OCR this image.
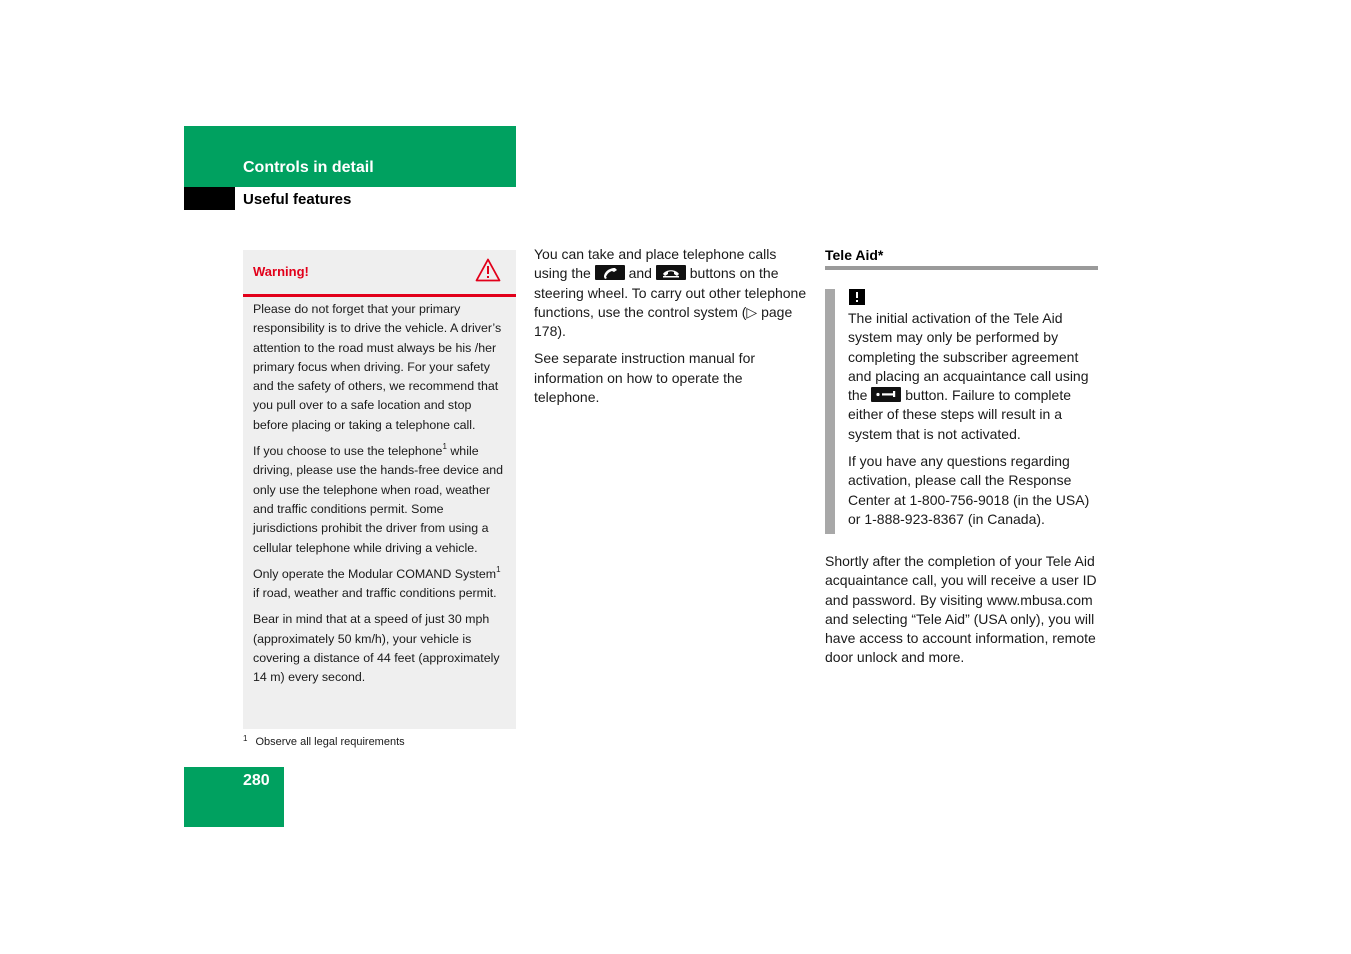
Controls in detail
Useful features
Warning!

Please do not forget that your primary responsibility is to drive the vehicle. A driver’s attention to the road must always be his /her primary focus when driving. For your safety and the safety of others, we recommend that you pull over to a safe location and stop before placing or taking a telephone call.

If you choose to use the telephone$^1$ while driving, please use the hands-free device and only use the telephone when road, weather and traffic conditions permit. Some jurisdictions prohibit the driver from using a cellular telephone while driving a vehicle.

Only operate the Modular COMAND System$^1$ if road, weather and traffic conditions permit.

Bear in mind that at a speed of just 30 mph (approximately 50 km/h), your vehicle is covering a distance of 44 feet (approximately 14 m) every second.

$^1$ Observe all legal requirements
280

You can take and place telephone calls using the	and	buttons on the steering wheel. To carry out other telephone functions, use the control system (▷ page 178).

See separate instruction manual for information on how to operate the telephone.

Tele Aid*

The initial activation of the Tele Aid system may only be performed by completing the subscriber agreement and placing an acquaintance call using the	button. Failure to complete either of these steps will result in a system that is not activated.

If you have any questions regarding activation, please call the Response Center at 1-800-756-9018 (in the USA) or 1-888-923-8367 (in Canada).

Shortly after the completion of your Tele Aid acquaintance call, you will receive a user ID and password. By visiting www.mbusa.com and selecting “Tele Aid” (USA only), you will have access to account information, remote door unlock and more.
